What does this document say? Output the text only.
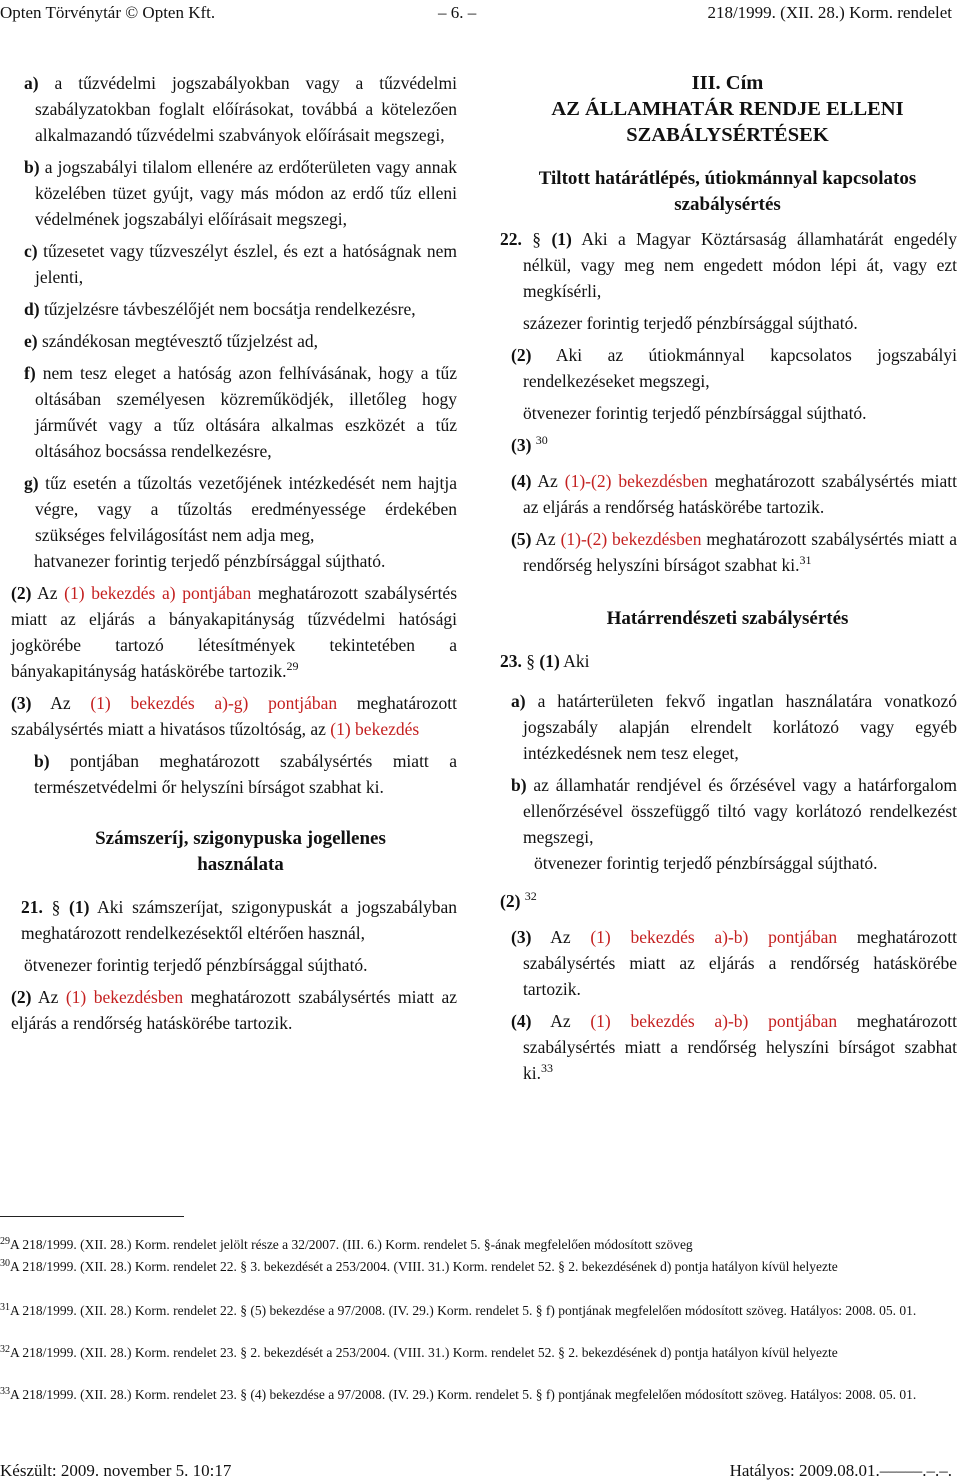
Opten Törvénytár © Opten Kft.	– 6. –	218/1999. (XII. 28.) Korm. rendelet

a) a tűzvédelmi jogszabályokban vagy a tűzvédelmi szabályzatokban foglalt előírásokat, továbbá a kötelezően alkalmazandó tűzvédelmi szabványok előírásait megszegi,

b) a jogszabályi tilalom ellenére az erdőterületen vagy annak közelében tüzet gyújt, vagy más módon az erdő tűz elleni védelmének jogszabályi előírásait megszegi,

c) tűzesetet vagy tűzveszélyt észlel, és ezt a hatóságnak nem jelenti,

d) tűzjelzésre távbeszélőjét nem bocsátja rendelkezésre,

e) szándékosan megtévesztő tűzjelzést ad,

f) nem tesz eleget a hatóság azon felhívásának, hogy a tűz oltásában személyesen közreműködjék, illetőleg hogy járművét vagy a tűz oltására alkalmas eszközét a tűz oltásához bocsássa rendelkezésre,

g) tűz esetén a tűzoltás vezetőjének intézkedését nem hajtja végre, vagy a tűzoltás eredményessége érdekében szükséges felvilágosítást nem adja meg,

hatvanezer forintig terjedő pénzbírsággal sújtható.

(2) Az (1) bekezdés a) pontjában meghatározott szabálysértés miatt az eljárás a bányakapitányság tűzvédelmi hatósági jogkörébe tartozó létesítmények tekintetében a bányakapitányság hatáskörébe tartozik.$^{29}$

(3) Az (1) bekezdés a)-g) pontjában meghatározott szabálysértés miatt a hivatásos tűzoltóság, az (1) bekezdés

b) pontjában meghatározott szabálysértés miatt a természetvédelmi őr helyszíni bírságot szabhat ki.

Számszeríj, szigonypuska jogellenes
használata

21. § (1) Aki számszeríjat, szigonypuskát a jogszabályban meghatározott rendelkezésektől eltérően használ,

ötvenezer forintig terjedő pénzbírsággal sújtható.

(2) Az (1) bekezdésben meghatározott szabálysértés miatt az eljárás a rendőrség hatáskörébe tartozik.

III. Cím
AZ ÁLLAMHATÁR RENDJE ELLENI
SZABÁLYSÉRTÉSEK

Tiltott határátlépés, útiokmánnyal kapcsolatos
szabálysértés

22. § (1) Aki a Magyar Köztársaság államhatárát engedély nélkül, vagy meg nem engedett módon lépi át, vagy ezt megkísérli,

százezer forintig terjedő pénzbírsággal sújtható.

(2) Aki az útiokmánnyal kapcsolatos jogszabályi rendelkezéseket megszegi,

ötvenezer forintig terjedő pénzbírsággal sújtható.

(3) $^{30}$

(4) Az (1)-(2) bekezdésben meghatározott szabálysértés miatt az eljárás a rendőrség hatáskörébe tartozik.

(5) Az (1)-(2) bekezdésben meghatározott szabálysértés miatt a rendőrség helyszíni bírságot szabhat ki.$^{31}$

Határrendészeti szabálysértés

23. § (1) Aki

a) a határterületen fekvő ingatlan használatára vonatkozó jogszabály alapján elrendelt korlátozó vagy egyéb intézkedésnek nem tesz eleget,

b) az államhatár rendjével és őrzésével vagy a határforgalom ellenőrzésével összefüggő tiltó vagy korlátozó rendelkezést megszegi,

ötvenezer forintig terjedő pénzbírsággal sújtható.

(2) $^{32}$

(3) Az (1) bekezdés a)-b) pontjában meghatározott szabálysértés miatt az eljárás a rendőrség hatáskörébe tartozik.

(4) Az (1) bekezdés a)-b) pontjában meghatározott szabálysértés miatt a rendőrség helyszíni bírságot szabhat ki.$^{33}$

$^{29}$A 218/1999. (XII. 28.) Korm. rendelet jelölt része a 32/2007. (III. 6.) Korm. rendelet 5. §-ának megfelelően módosított szöveg

$^{30}$A 218/1999. (XII. 28.) Korm. rendelet 22. § 3. bekezdését a 253/2004. (VIII. 31.) Korm. rendelet 52. § 2. bekezdésének d) pontja hatályon kívül helyezte

$^{31}$A 218/1999. (XII. 28.) Korm. rendelet 22. § (5) bekezdése a 97/2008. (IV. 29.) Korm. rendelet 5. § f) pontjának megfelelően módosított szöveg. Hatályos: 2008. 05. 01.

$^{32}$A 218/1999. (XII. 28.) Korm. rendelet 23. § 2. bekezdését a 253/2004. (VIII. 31.) Korm. rendelet 52. § 2. bekezdésének d) pontja hatályon kívül helyezte

$^{33}$A 218/1999. (XII. 28.) Korm. rendelet 23. § (4) bekezdése a 97/2008. (IV. 29.) Korm. rendelet 5. § f) pontjának megfelelően módosított szöveg. Hatályos: 2008. 05. 01.

Készült: 2009. november 5. 10:17	Hatályos: 2009.08.01.–––––.–.–.
